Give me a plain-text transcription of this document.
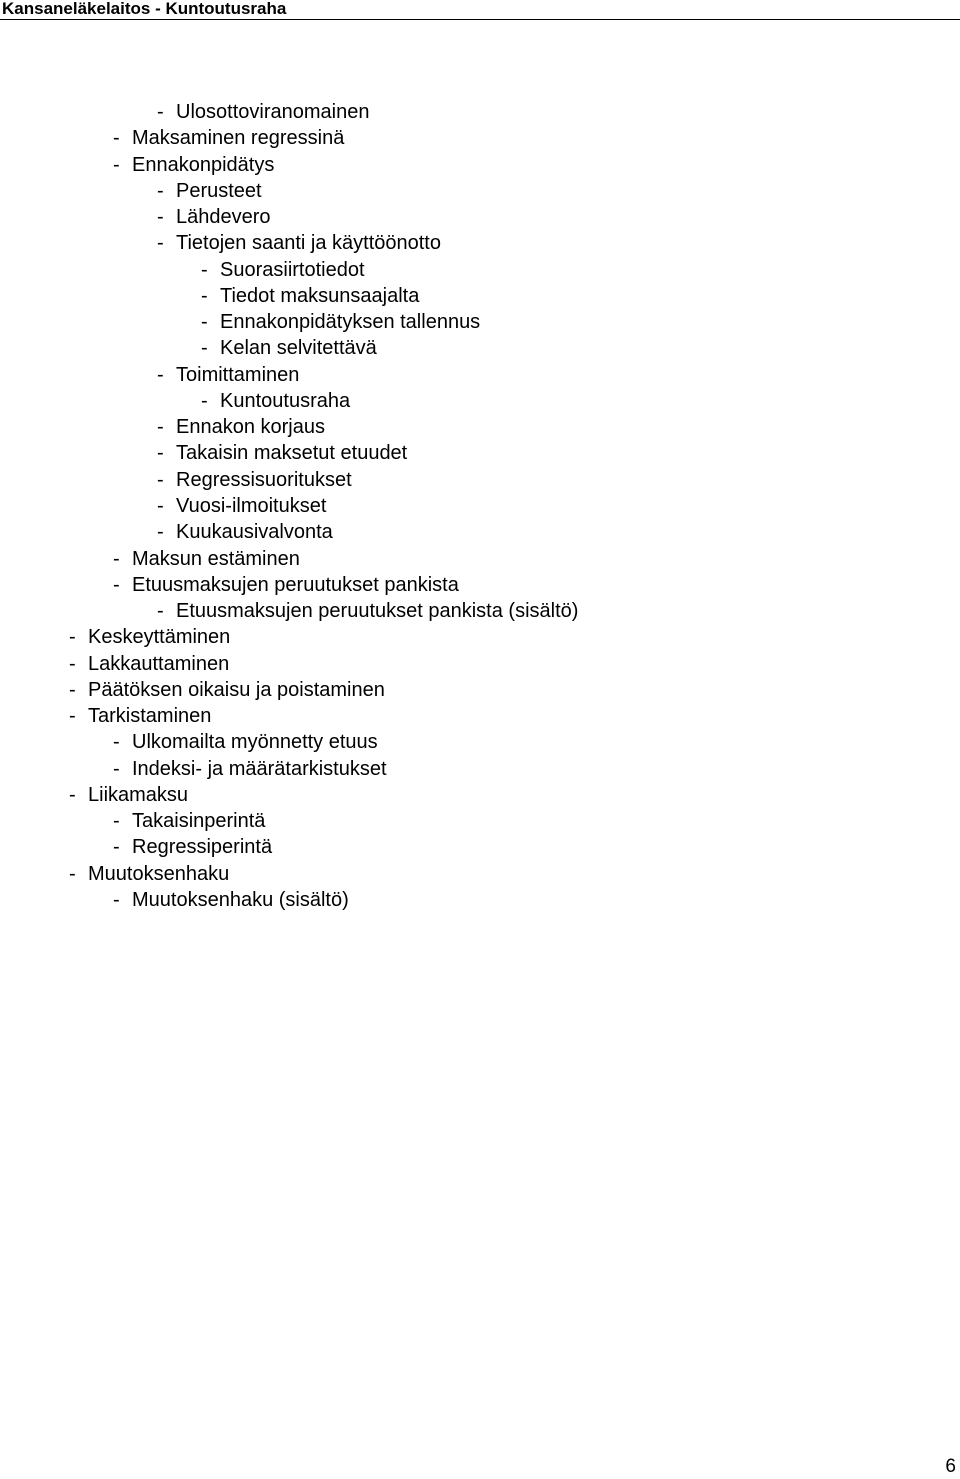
Kansaneläkelaitos - Kuntoutusraha
- Ulosottoviranomainen
- Maksaminen regressinä
- Ennakonpidätys
- Perusteet
- Lähdevero
- Tietojen saanti ja käyttöönotto
- Suorasiirtotiedot
- Tiedot maksunsaajalta
- Ennakonpidätyksen tallennus
- Kelan selvitettävä
- Toimittaminen
- Kuntoutusraha
- Ennakon korjaus
- Takaisin maksetut etuudet
- Regressisuoritukset
- Vuosi-ilmoitukset
- Kuukausivalvonta
- Maksun estäminen
- Etuusmaksujen peruutukset pankista
- Etuusmaksujen peruutukset pankista (sisältö)
- Keskeyttäminen
- Lakkauttaminen
- Päätöksen oikaisu ja poistaminen
- Tarkistaminen
- Ulkomailta myönnetty etuus
- Indeksi- ja määrätarkistukset
- Liikamaksu
- Takaisinperintä
- Regressiperintä
- Muutoksenhaku
- Muutoksenhaku (sisältö)
6
